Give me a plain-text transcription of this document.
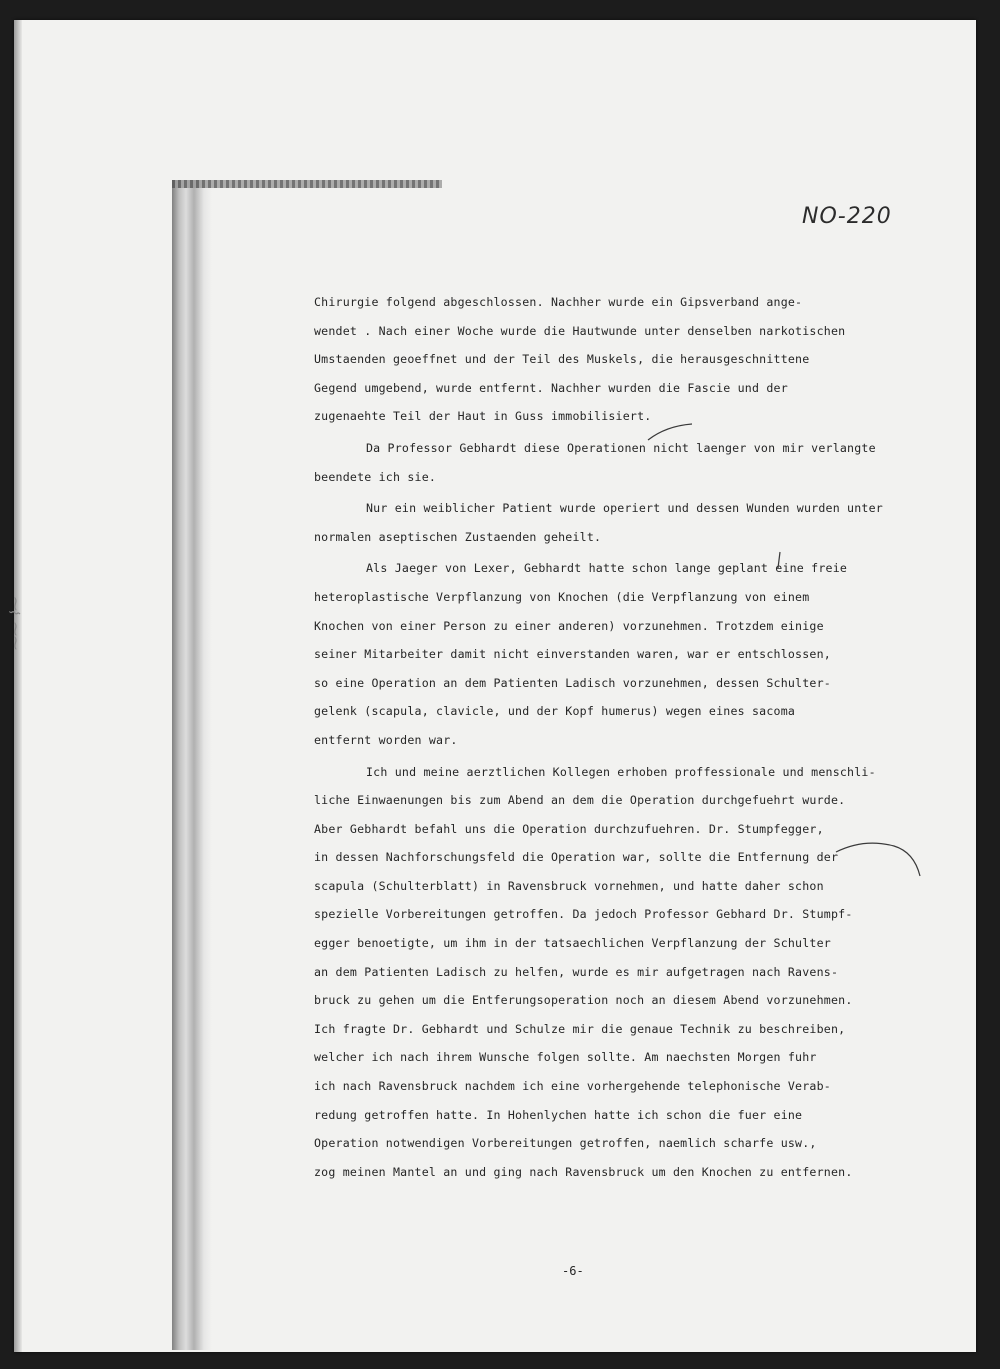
NO-220
⁓⁓ ⌇⁓
Chirurgie folgend abgeschlossen. Nachher wurde ein Gipsverband ange-
wendet . Nach einer Woche wurde die Hautwunde unter denselben narkotischen
Umstaenden geoeffnet und der Teil des Muskels, die herausgeschnittene
Gegend umgebend, wurde entfernt. Nachher wurden die Fascie und der
zugenaehte Teil der Haut in Guss immobilisiert.
Da Professor Gebhardt diese Operationen nicht laenger von mir verlangte
beendete ich sie.
Nur ein weiblicher Patient wurde operiert und dessen Wunden wurden unter
normalen aseptischen Zustaenden geheilt.
Als Jaeger von Lexer, Gebhardt hatte schon lange geplant eine freie
heteroplastische Verpflanzung von Knochen (die Verpflanzung von einem
Knochen von einer Person zu einer anderen) vorzunehmen. Trotzdem einige
seiner Mitarbeiter damit nicht einverstanden waren, war er entschlossen,
so eine Operation an dem Patienten Ladisch vorzunehmen, dessen Schulter-
gelenk (scapula, clavicle, und der Kopf humerus) wegen eines sacoma
entfernt worden war.
Ich und meine aerztlichen Kollegen erhoben proffessionale und menschli-
liche Einwaenungen bis zum Abend an dem die Operation durchgefuehrt wurde.
Aber Gebhardt befahl uns die Operation durchzufuehren. Dr. Stumpfegger,
in dessen Nachforschungsfeld die Operation war, sollte die Entfernung der
scapula (Schulterblatt) in Ravensbruck vornehmen, und hatte daher schon
spezielle Vorbereitungen getroffen. Da jedoch Professor Gebhard Dr. Stumpf-
egger benoetigte, um ihm in der tatsaechlichen Verpflanzung der Schulter
an dem Patienten Ladisch zu helfen, wurde es mir aufgetragen nach Ravens-
bruck zu gehen um die Entferungsoperation noch an diesem Abend vorzunehmen.
Ich fragte Dr. Gebhardt und Schulze mir die genaue Technik zu beschreiben,
welcher ich nach ihrem Wunsche folgen sollte. Am naechsten Morgen fuhr
ich nach Ravensbruck nachdem ich eine vorhergehende telephonische Verab-
redung getroffen hatte. In Hohenlychen hatte ich schon die fuer eine
Operation notwendigen Vorbereitungen getroffen, naemlich scharfe usw.,
zog meinen Mantel an und ging nach Ravensbruck um den Knochen zu entfernen.
-6-
